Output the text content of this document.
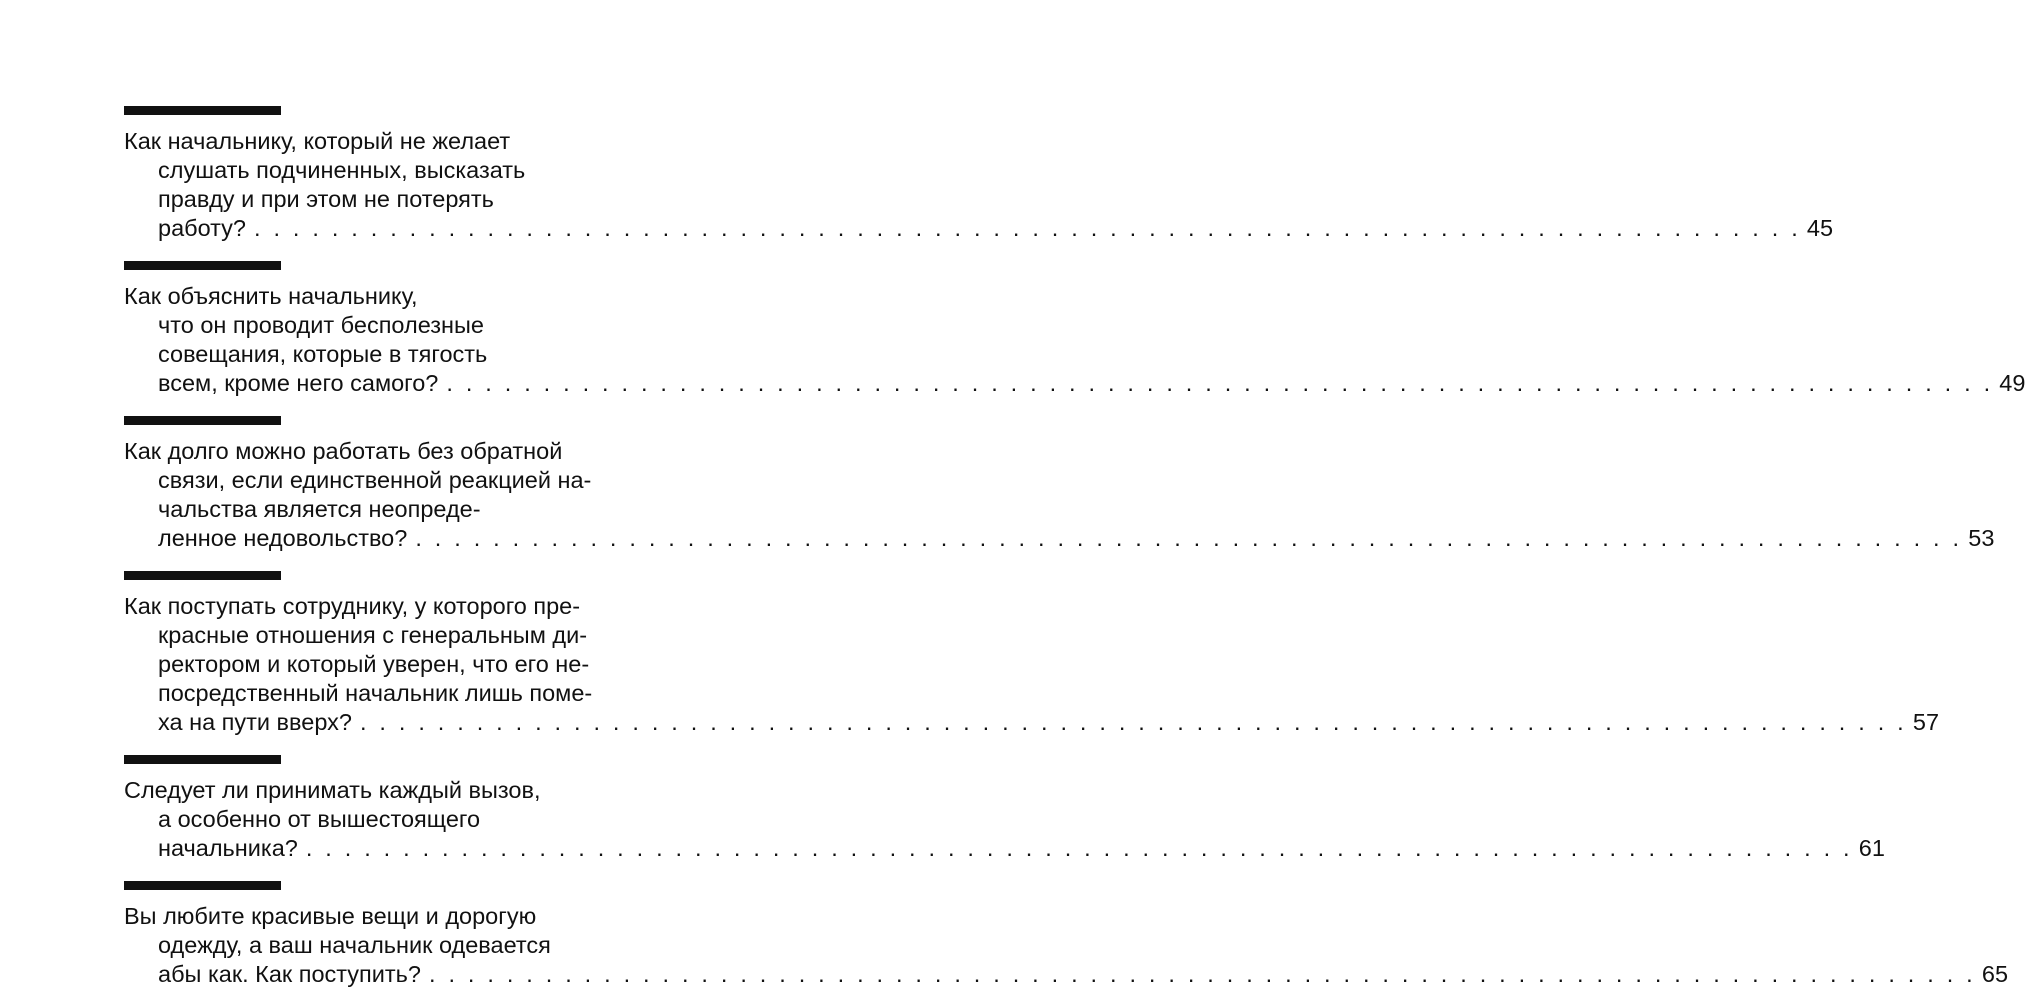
Как начальнику, который не желает
слушать подчиненных, высказать
правду и при этом не потерять
работу? . . . . . . . . . . . . . . . . . . . . . . . . . . . . . . . . . . . . . . . . . . . . . . . . . . . . . . . . . . . . . . . . . . . . . . . . . . . . . . . . 45
Как объяснить начальнику,
что он проводит бесполезные
совещания, которые в тягость
всем, кроме него самого? . . . . . . . . . . . . . . . . . . . . . . . . . . . . . . . . . . . . . . . . . . . . . . . . . . . . . . . . . . . . . . . . . . . . . . . . . . . . . . . . 49
Как долго можно работать без обратной
связи, если единственной реакцией на-
чальства является неопреде-
ленное недовольство? . . . . . . . . . . . . . . . . . . . . . . . . . . . . . . . . . . . . . . . . . . . . . . . . . . . . . . . . . . . . . . . . . . . . . . . . . . . . . . . . 53
Как поступать сотруднику, у которого пре-
красные отношения с генеральным ди-
ректором и который уверен, что его не-
посредственный начальник лишь поме-
ха на пути вверх? . . . . . . . . . . . . . . . . . . . . . . . . . . . . . . . . . . . . . . . . . . . . . . . . . . . . . . . . . . . . . . . . . . . . . . . . . . . . . . . . 57
Следует ли принимать каждый вызов,
а особенно от вышестоящего
начальника? . . . . . . . . . . . . . . . . . . . . . . . . . . . . . . . . . . . . . . . . . . . . . . . . . . . . . . . . . . . . . . . . . . . . . . . . . . . . . . . . 61
Вы любите красивые вещи и дорогую
одежду, а ваш начальник одевается
абы как. Как поступить? . . . . . . . . . . . . . . . . . . . . . . . . . . . . . . . . . . . . . . . . . . . . . . . . . . . . . . . . . . . . . . . . . . . . . . . . . . . . . . . . 65
